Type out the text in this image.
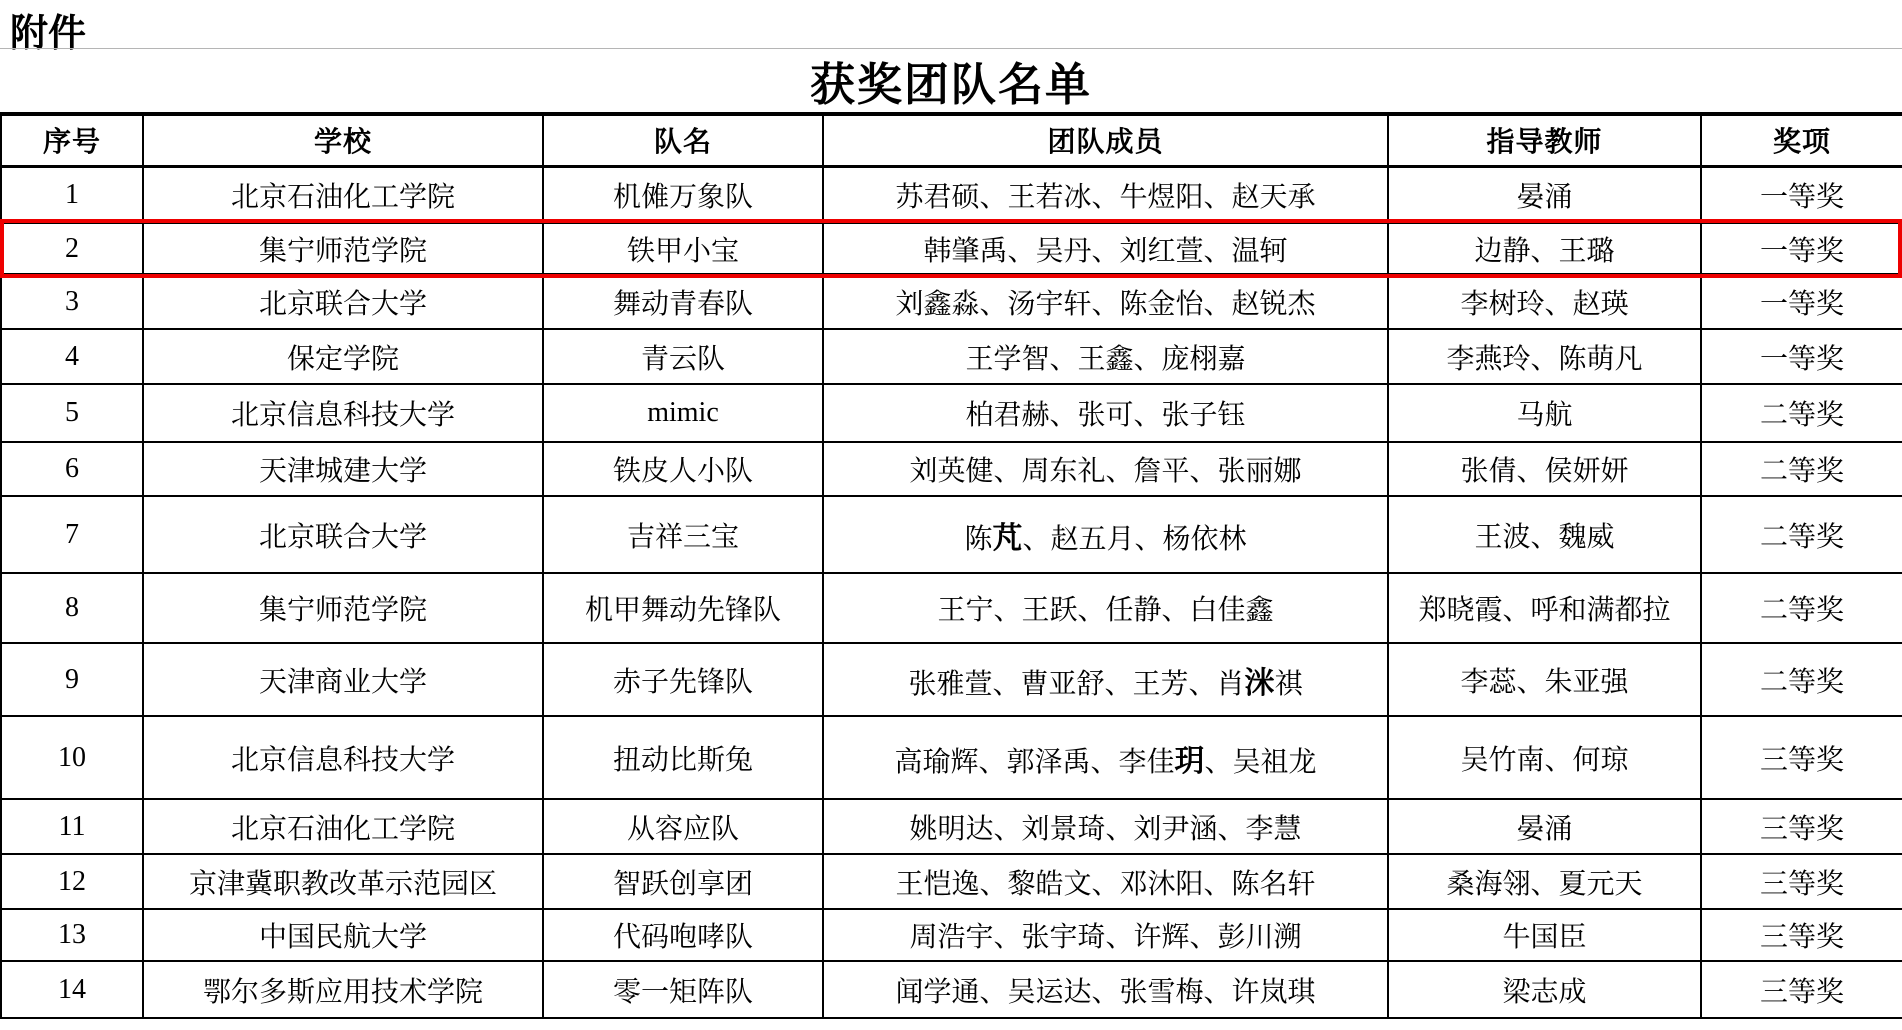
附件
获奖团队名单
序号	学校	队名	团队成员	指导教师	奖项
1	北京石油化工学院	机傩万象队	苏君硕、王若冰、牛煜阳、赵天承	晏涌	一等奖
2	集宁师范学院	铁甲小宝	韩肇禹、吴丹、刘红萱、温轲	边静、王璐	一等奖
3	北京联合大学	舞动青春队	刘鑫淼、汤宇轩、陈金怡、赵锐杰	李树玲、赵瑛	一等奖
4	保定学院	青云队	王学智、王鑫、庞栩嘉	李燕玲、陈萌凡	一等奖
5	北京信息科技大学	mimic	柏君赫、张可、张子钰	马航	二等奖
6	天津城建大学	铁皮人小队	刘英健、周东礼、詹平、张丽娜	张倩、侯妍妍	二等奖
7	北京联合大学	吉祥三宝	陈芃、赵五月、杨依林	王波、魏威	二等奖
8	集宁师范学院	机甲舞动先锋队	王宁、王跃、任静、白佳鑫	郑晓霞、呼和满都拉	二等奖
9	天津商业大学	赤子先锋队	张雅萱、曹亚舒、王芳、肖洣祺	李蕊、朱亚强	二等奖
10	北京信息科技大学	扭动比斯兔	高瑜辉、郭泽禹、李佳玥、吴祖龙	吴竹南、何琼	三等奖
11	北京石油化工学院	从容应队	姚明达、刘景琦、刘尹涵、李慧	晏涌	三等奖
12	京津冀职教改革示范园区	智跃创享团	王恺逸、黎皓文、邓沐阳、陈名轩	桑海翎、夏元天	三等奖
13	中国民航大学	代码咆哮队	周浩宇、张宇琦、许辉、彭川溯	牛国臣	三等奖
14	鄂尔多斯应用技术学院	零一矩阵队	闻学通、吴运达、张雪梅、许岚琪	梁志成	三等奖
